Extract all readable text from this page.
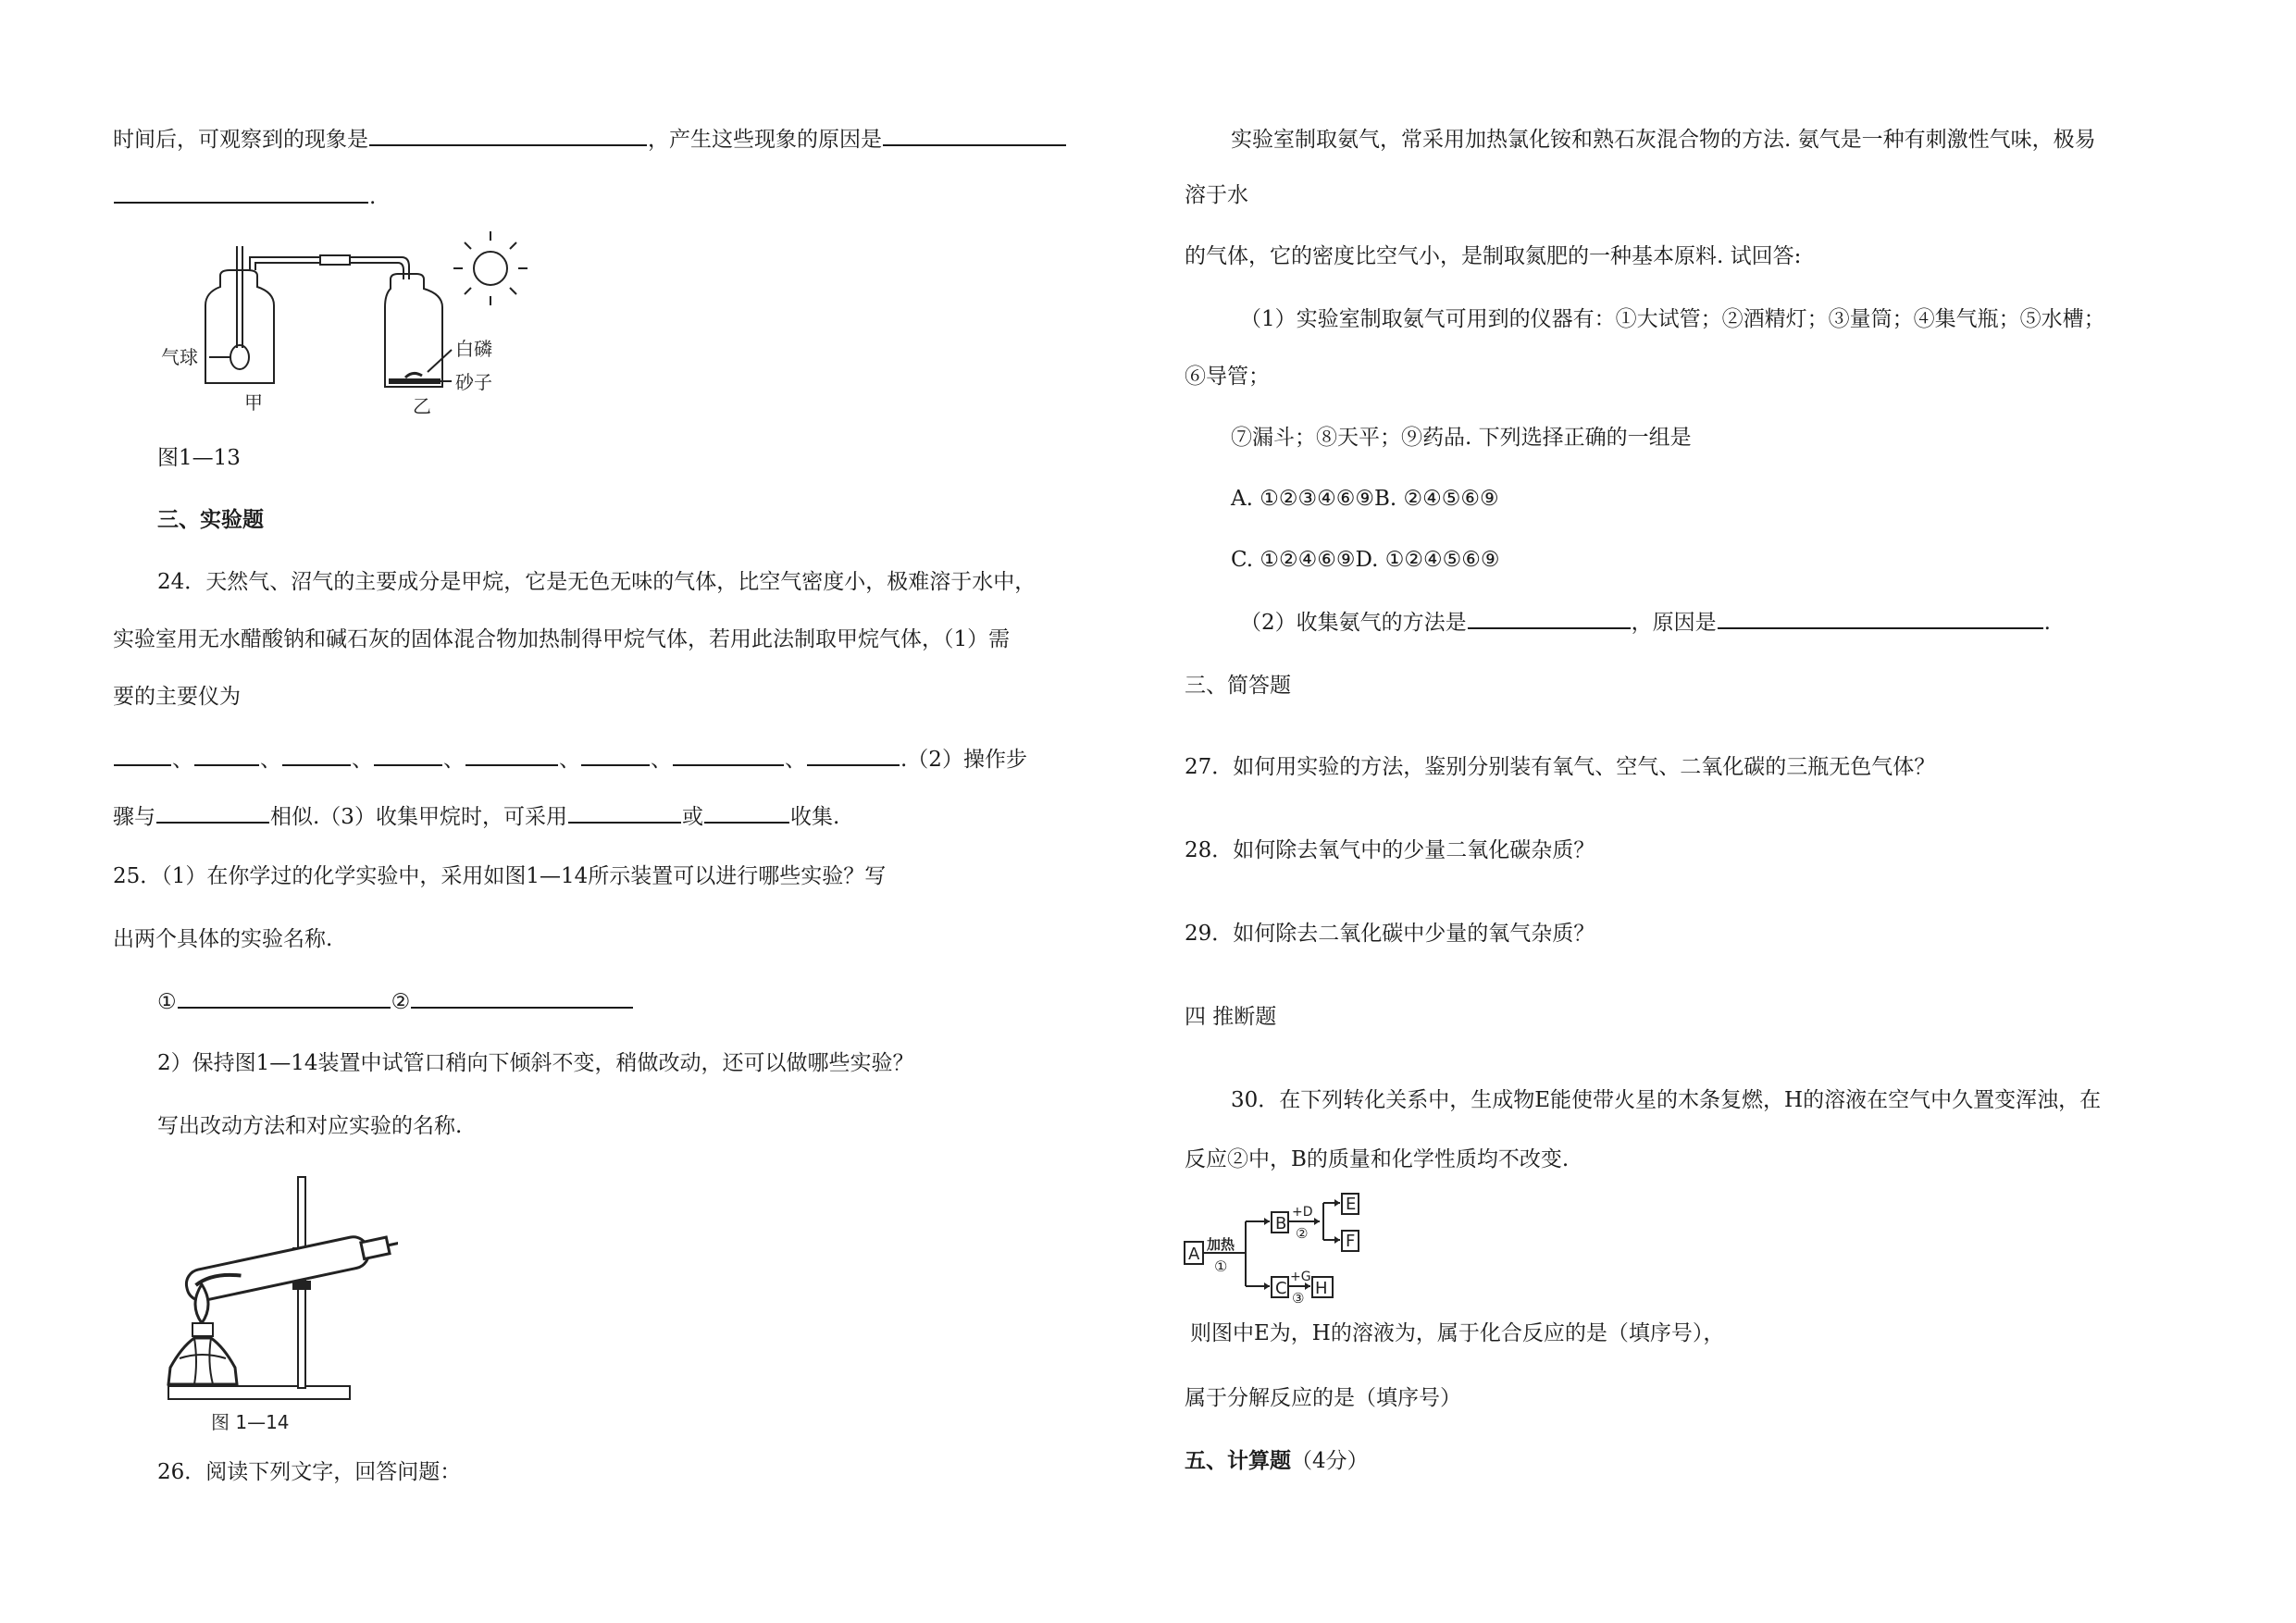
时间后，可观察到的现象是	，产生这些现象的原因是
.
气球	白磷
砂子
甲	乙
图1—13
三、实验题
24．天然气、沼气的主要成分是甲烷，它是无色无味的气体，比空气密度小，极难溶于水中，
实验室用无水醋酸钠和碱石灰的固体混合物加热制得甲烷气体，若用此法制取甲烷气体，（1）需
要的主要仪为
、	、	、	、	、	、	、	.（2）操作步
骤与	相似.（3）收集甲烷时，可采用	或	收集.
25．（1）在你学过的化学实验中，采用如图1—14所示装置可以进行哪些实验？写
出两个具体的实验名称.
①	②
2）保持图1—14装置中试管口稍向下倾斜不变，稍做改动，还可以做哪些实验？
写出改动方法和对应实验的名称.
图 1—14
26．阅读下列文字，回答问题：
实验室制取氨气，常采用加热氯化铵和熟石灰混合物的方法. 氨气是一种有刺激性气味，极易
溶于水
的气体，它的密度比空气小，是制取氮肥的一种基本原料. 试回答:
（1）实验室制取氨气可用到的仪器有：①大试管；②酒精灯；③量筒；④集气瓶；⑤水槽；
⑥导管；
⑦漏斗；⑧天平；⑨药品. 下列选择正确的一组是
A. ①②③④⑥⑨B. ②④⑤⑥⑨
C. ①②④⑥⑨D. ①②④⑤⑥⑨
（2）收集氨气的方法是	，原因是	.
三、简答题
27．如何用实验的方法，鉴别分别装有氧气、空气、二氧化碳的三瓶无色气体？
28．如何除去氧气中的少量二氧化碳杂质？
29．如何除去二氧化碳中少量的氧气杂质？
四 推断题
30．在下列转化关系中，生成物E能使带火星的木条复燃，H的溶液在空气中久置变浑浊，在
反应②中，B的质量和化学性质均不改变.
A
B
C
E
F
H
加热
①
+D
②
+G
③
则图中E为，H的溶液为，属于化合反应的是（填序号），
属于分解反应的是（填序号）
五、计算题（4分）
